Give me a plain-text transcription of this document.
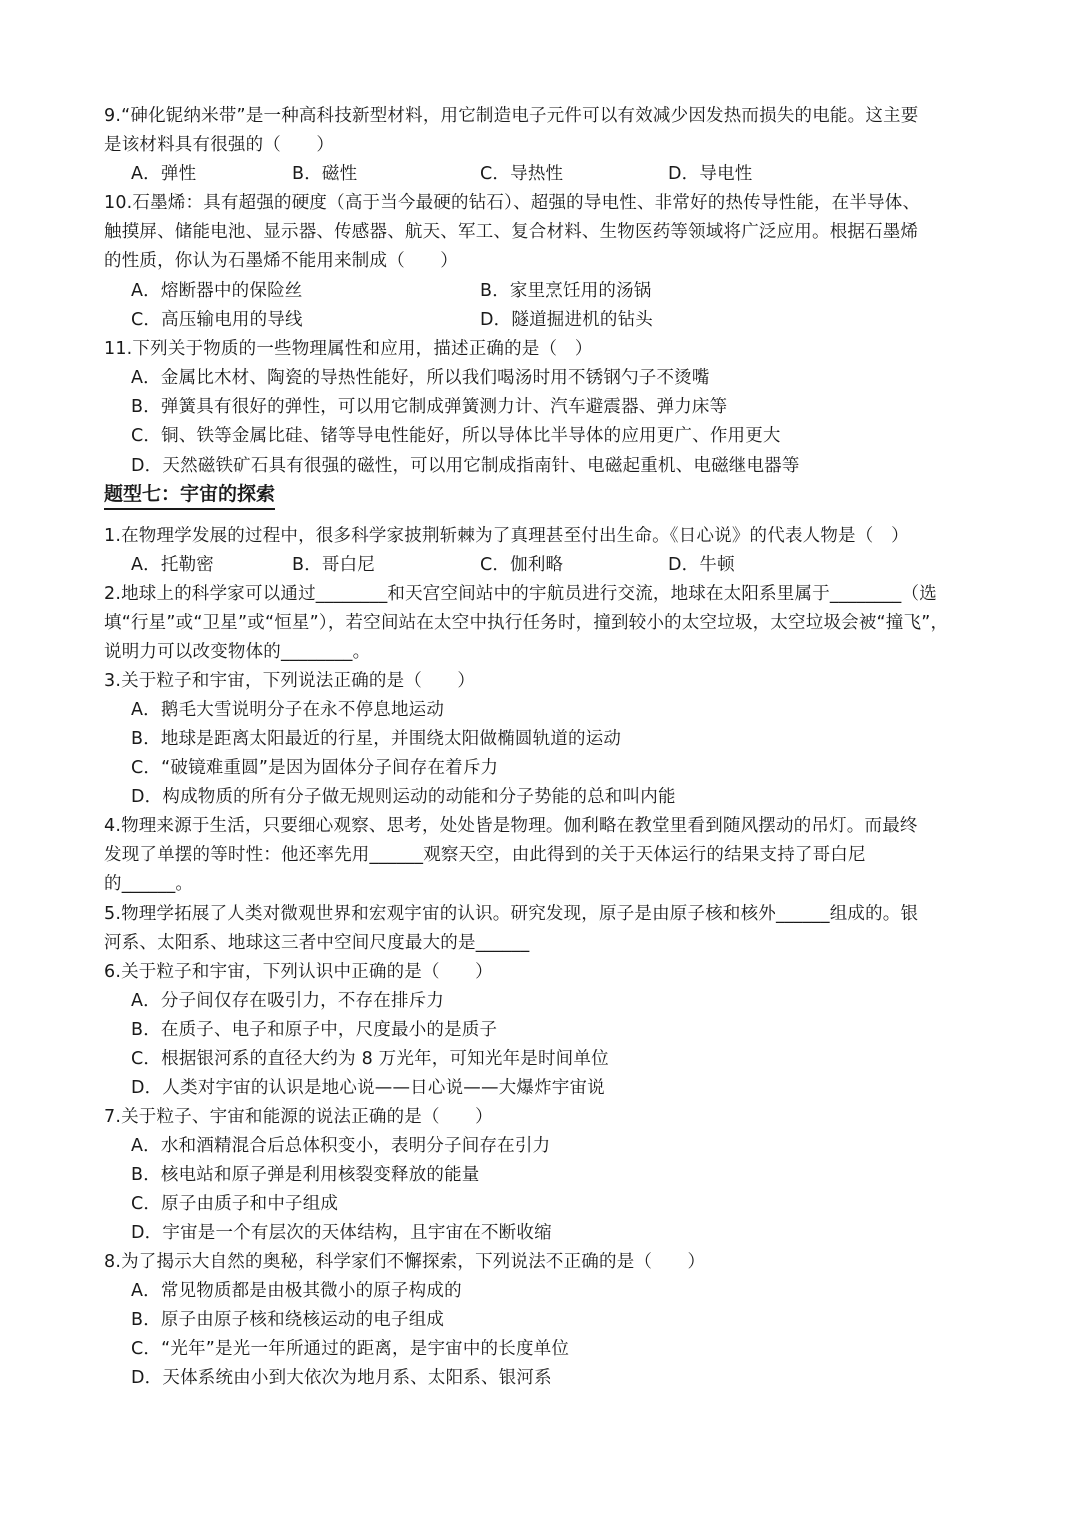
9.“砷化铌纳米带”是一种高科技新型材料，用它制造电子元件可以有效减少因发热而损失的电能。这主要

是该材料具有很强的（　　）

A．弹性	B．磁性	C．导热性	D．导电性

10.石墨烯：具有超强的硬度（高于当今最硬的钻石）、超强的导电性、非常好的热传导性能，在半导体、

触摸屏、储能电池、显示器、传感器、航天、军工、复合材料、生物医药等领域将广泛应用。根据石墨烯

的性质，你认为石墨烯不能用来制成（　　）

A．熔断器中的保险丝	B．家里烹饪用的汤锅
C．高压输电用的导线	D．隧道掘进机的钻头

11.下列关于物质的一些物理属性和应用，描述正确的是（　）

A．金属比木材、陶瓷的导热性能好，所以我们喝汤时用不锈钢勺子不烫嘴

B．弹簧具有很好的弹性，可以用它制成弹簧测力计、汽车避震器、弹力床等

C．铜、铁等金属比硅、锗等导电性能好，所以导体比半导体的应用更广、作用更大

D．天然磁铁矿石具有很强的磁性，可以用它制成指南针、电磁起重机、电磁继电器等

题型七：宇宙的探索

1.在物理学发展的过程中，很多科学家披荆斩棘为了真理甚至付出生命。《日心说》的代表人物是（　）

A．托勒密	B．哥白尼	C．伽利略	D．牛顿

2.地球上的科学家可以通过________和天宫空间站中的宇航员进行交流，地球在太阳系里属于________（选

填“行星”或“卫星”或“恒星”），若空间站在太空中执行任务时，撞到较小的太空垃圾，太空垃圾会被“撞飞”，

说明力可以改变物体的________。

3.关于粒子和宇宙，下列说法正确的是（　　）

A．鹅毛大雪说明分子在永不停息地运动

B．地球是距离太阳最近的行星，并围绕太阳做椭圆轨道的运动

C．“破镜难重圆”是因为固体分子间存在着斥力

D．构成物质的所有分子做无规则运动的动能和分子势能的总和叫内能

4.物理来源于生活，只要细心观察、思考，处处皆是物理。伽利略在教堂里看到随风摆动的吊灯。而最终

发现了单摆的等时性：他还率先用______观察天空，由此得到的关于天体运行的结果支持了哥白尼

的______。

5.物理学拓展了人类对微观世界和宏观宇宙的认识。研究发现，原子是由原子核和核外______组成的。银

河系、太阳系、地球这三者中空间尺度最大的是______

6.关于粒子和宇宙，下列认识中正确的是（　　）

A．分子间仅存在吸引力，不存在排斥力

B．在质子、电子和原子中，尺度最小的是质子

C．根据银河系的直径大约为 8 万光年，可知光年是时间单位

D．人类对宇宙的认识是地心说——日心说——大爆炸宇宙说

7.关于粒子、宇宙和能源的说法正确的是（　　）

A．水和酒精混合后总体积变小，表明分子间存在引力

B．核电站和原子弹是利用核裂变释放的能量

C．原子由质子和中子组成

D．宇宙是一个有层次的天体结构，且宇宙在不断收缩

8.为了揭示大自然的奥秘，科学家们不懈探索，下列说法不正确的是（　　）

A．常见物质都是由极其微小的原子构成的

B．原子由原子核和绕核运动的电子组成

C．“光年”是光一年所通过的距离，是宇宙中的长度单位

D．天体系统由小到大依次为地月系、太阳系、银河系
